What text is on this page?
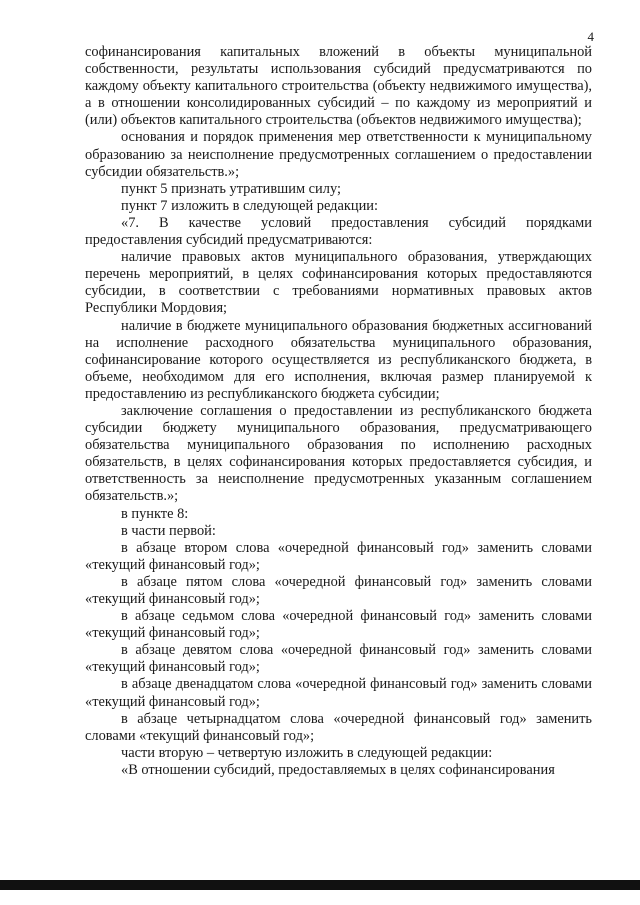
4

софинансирования капитальных вложений в объекты муниципальной собственности, результаты использования субсидий предусматриваются по каждому объекту капитального строительства (объекту недвижимого имущества), а в отношении консолидированных субсидий – по каждому из мероприятий и (или) объектов капитального строительства (объектов недвижимого имущества);

основания и порядок применения мер ответственности к муниципальному образованию за неисполнение предусмотренных соглашением о предоставлении субсидии обязательств.»;

пункт 5 признать утратившим силу;

пункт 7 изложить в следующей редакции:

«7. В качестве условий предоставления субсидий порядками предоставления субсидий предусматриваются:

наличие правовых актов муниципального образования, утверждающих перечень мероприятий, в целях софинансирования которых предоставляются субсидии, в соответствии с требованиями нормативных правовых актов Республики Мордовия;

наличие в бюджете муниципального образования бюджетных ассигнований на исполнение расходного обязательства муниципального образования, софинансирование которого осуществляется из республиканского бюджета, в объеме, необходимом для его исполнения, включая размер планируемой к предоставлению из республиканского бюджета субсидии;

заключение соглашения о предоставлении из республиканского бюджета субсидии бюджету муниципального образования, предусматривающего обязательства муниципального образования по исполнению расходных обязательств, в целях софинансирования которых предоставляется субсидия, и ответственность за неисполнение предусмотренных указанным соглашением обязательств.»;

в пункте 8:

в части первой:

в абзаце втором слова «очередной финансовый год» заменить словами «текущий финансовый год»;

в абзаце пятом слова «очередной финансовый год» заменить словами «текущий финансовый год»;

в абзаце седьмом слова «очередной финансовый год» заменить словами «текущий финансовый год»;

в абзаце девятом слова «очередной финансовый год» заменить словами «текущий финансовый год»;

в абзаце двенадцатом слова «очередной финансовый год» заменить словами «текущий финансовый год»;

в абзаце четырнадцатом слова «очередной финансовый год» заменить словами «текущий финансовый год»;

части вторую – четвертую изложить в следующей редакции:

«В отношении субсидий, предоставляемых в целях софинансирования
